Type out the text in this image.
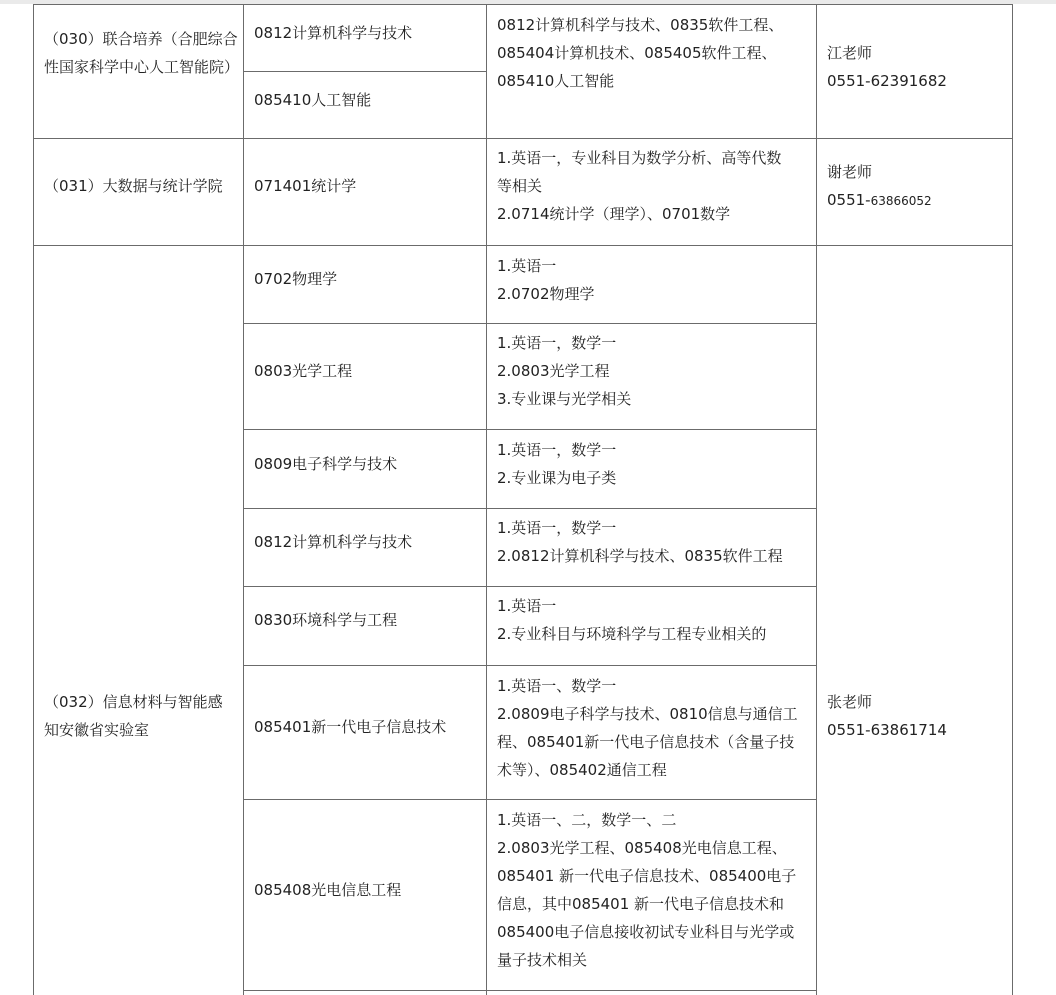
（030）联合培养（合肥综合性国家科学中心人工智能院）
0812计算机科学与技术
085410人工智能
0812计算机科学与技术、0835软件工程、
085404计算机技术、085405软件工程、
085410人工智能
江老师
0551-62391682
（031）大数据与统计学院	071401统计学
1.英语一，专业科目为数学分析、高等代数
等相关
2.0714统计学（理学）、0701数学
谢老师
0551-63866052
（032）信息材料与智能感
知安徽省实验室
0702物理学
0803光学工程
0809电子科学与技术
0812计算机科学与技术
0830环境科学与工程
085401新一代电子信息技术
085408光电信息工程
1.英语一
2.0702物理学
1.英语一，数学一
2.0803光学工程
3.专业课与光学相关
1.英语一，数学一
2.专业课为电子类
1.英语一，数学一
2.0812计算机科学与技术、0835软件工程
1.英语一
2.专业科目与环境科学与工程专业相关的
1.英语一、数学一
2.0809电子科学与技术、0810信息与通信工
程、085401新一代电子信息技术（含量子技
术等）、085402通信工程
1.英语一、二，数学一、二
2.0803光学工程、085408光电信息工程、
085401 新一代电子信息技术、085400电子
信息，其中085401 新一代电子信息技术和
085400电子信息接收初试专业科目与光学或
量子技术相关
张老师
0551-63861714
